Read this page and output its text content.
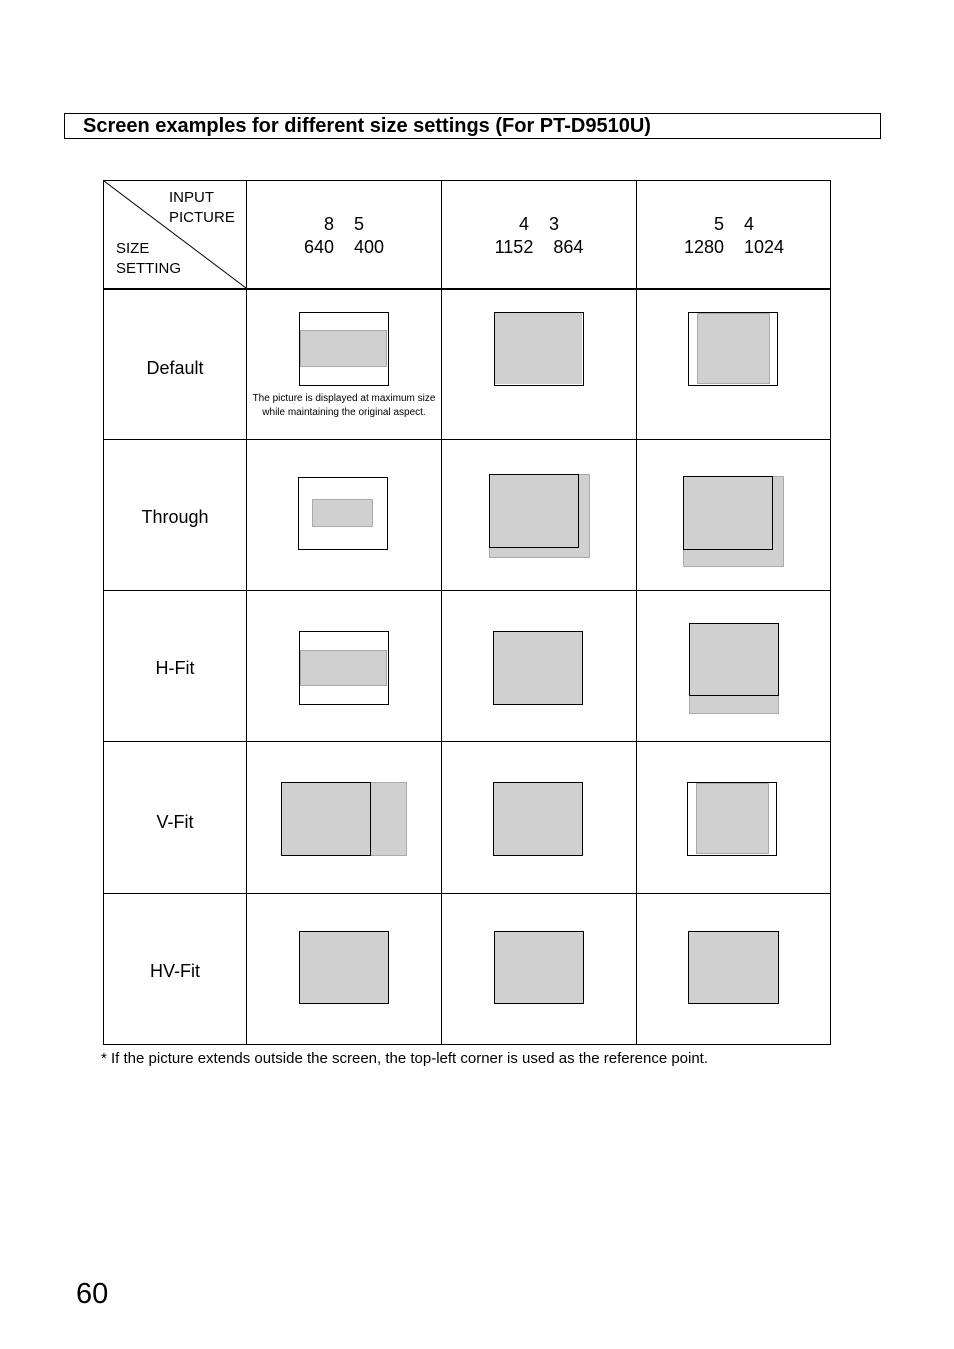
Screen examples for different size settings (For PT-D9510U)
INPUT
PICTURE
SIZE
SETTING
8    5
640    400
4    3
1152    864
5    4
1280    1024
Default
Through
H-Fit
V-Fit
HV-Fit
The picture is displayed at maximum size while maintaining the original aspect.
* If the picture extends outside the screen, the top-left corner is used as the reference point.
60
